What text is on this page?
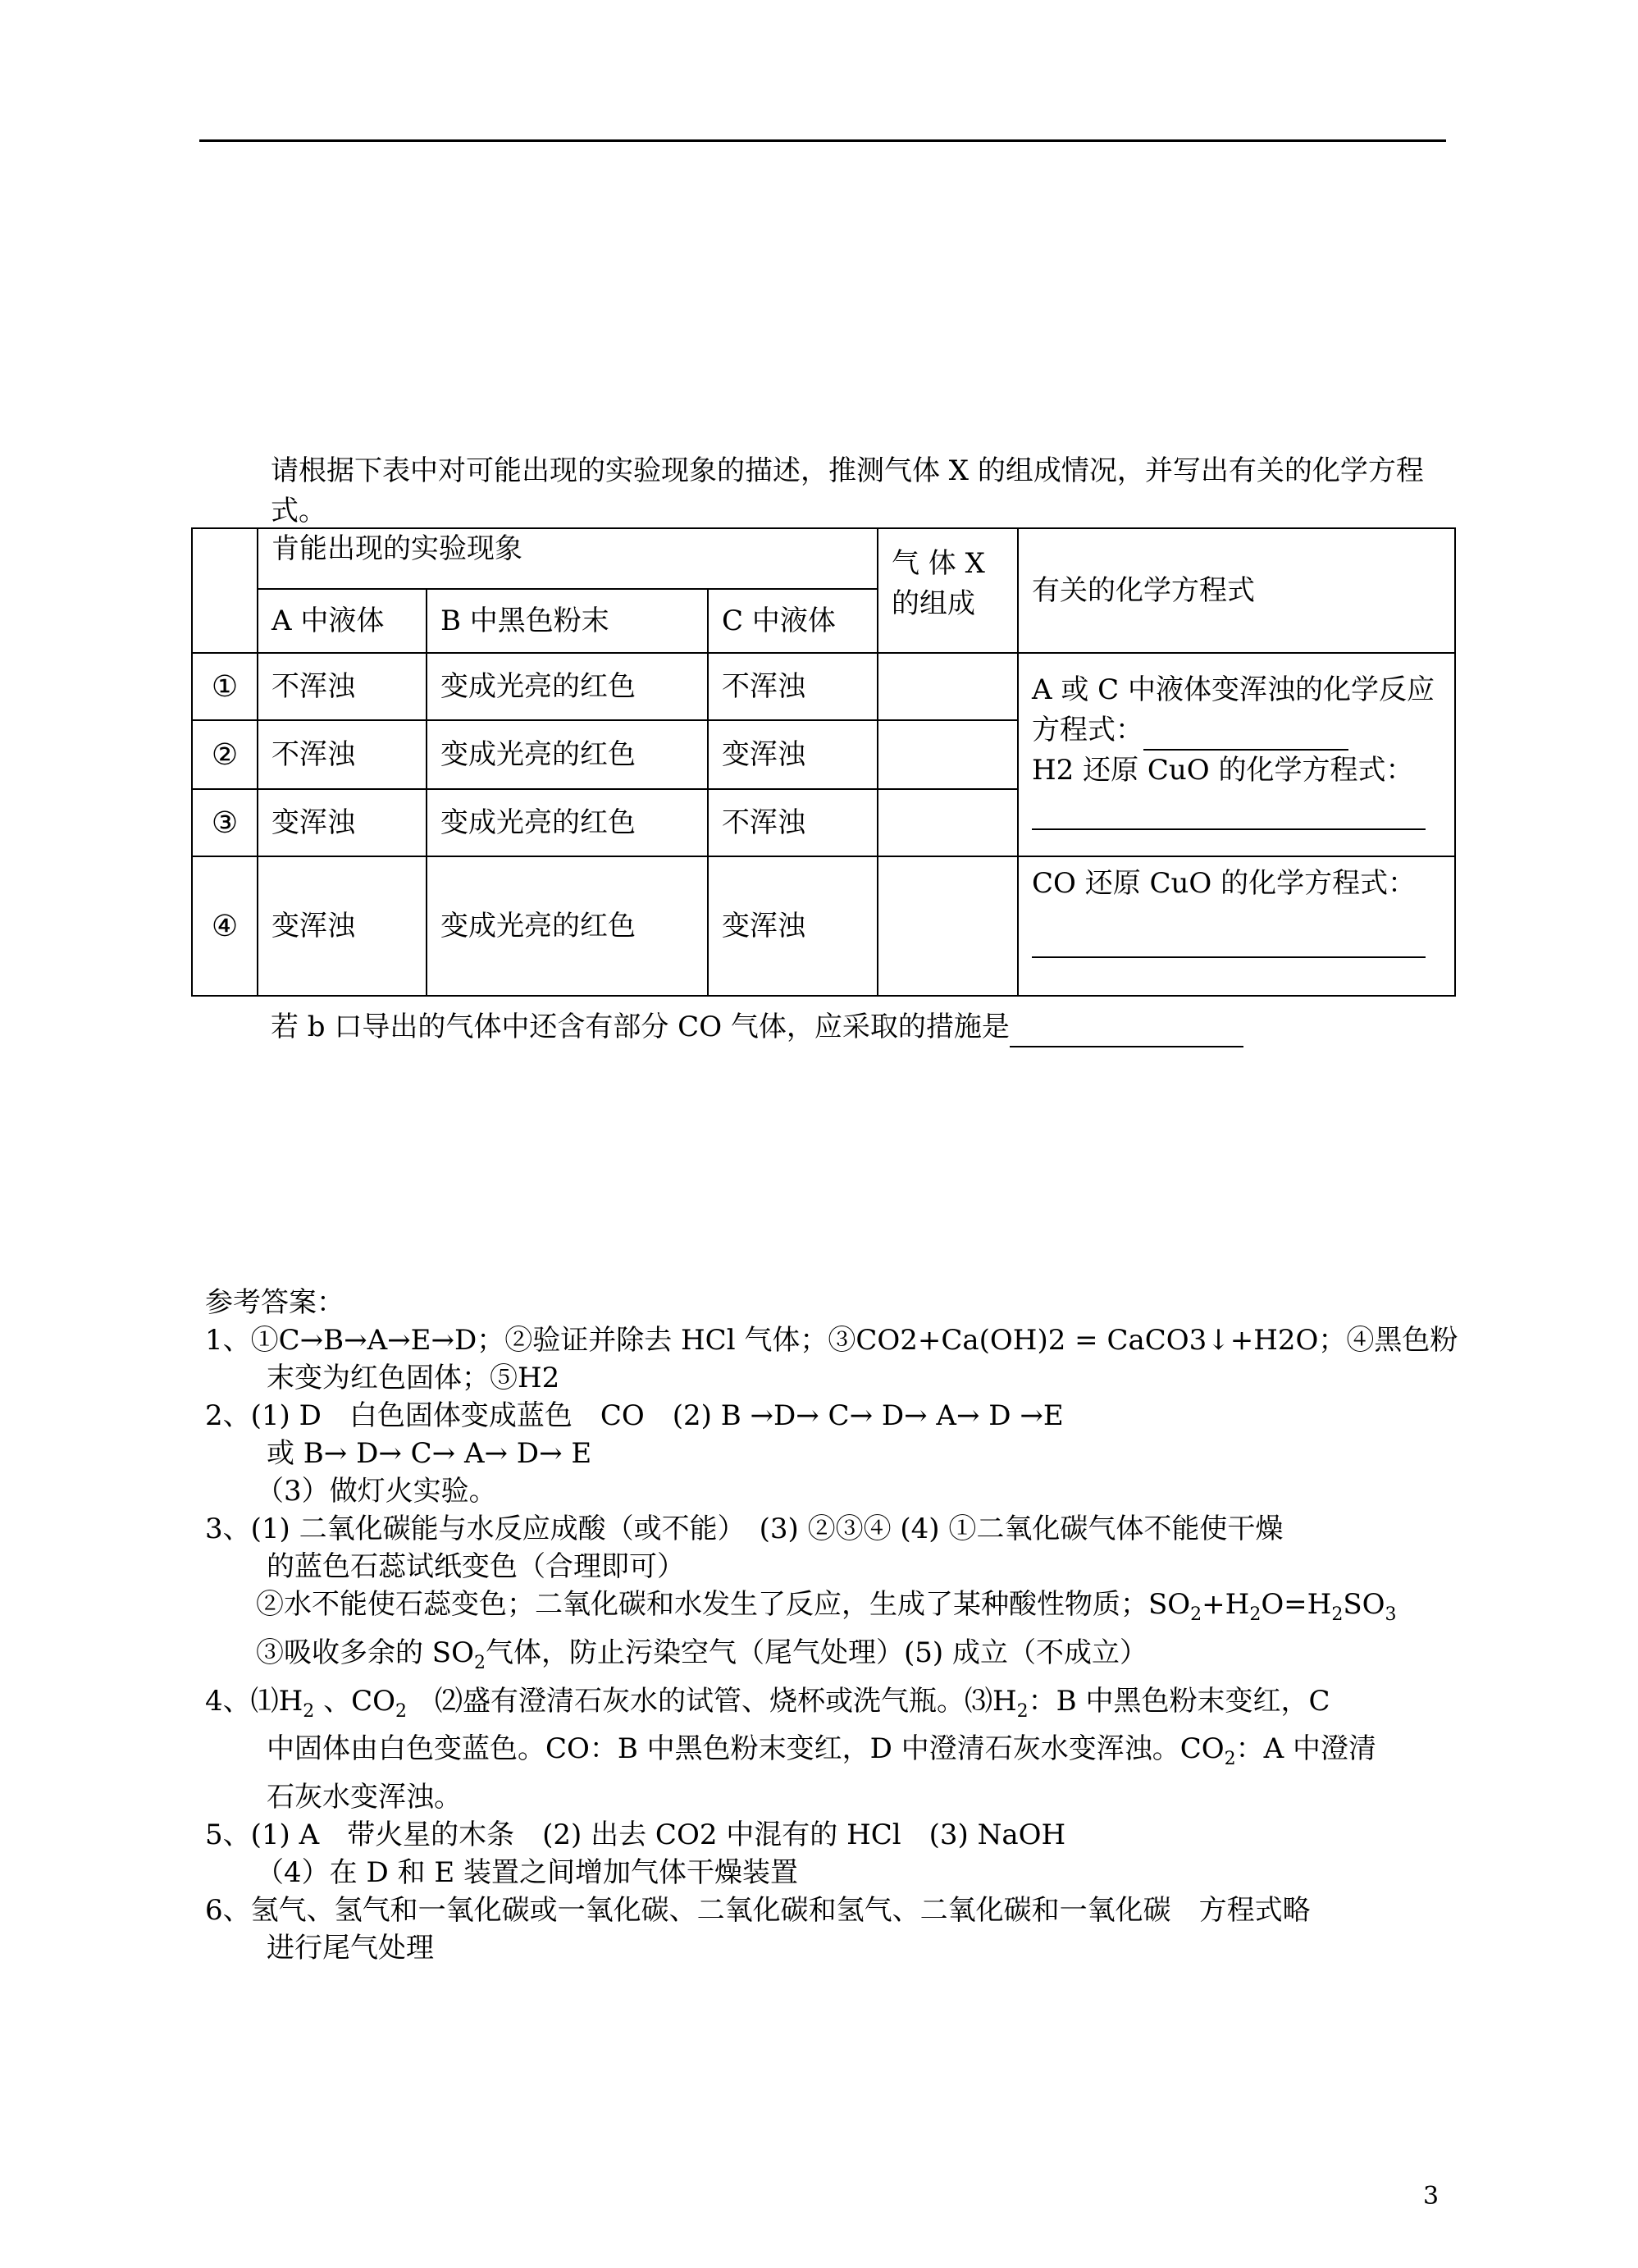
请根据下表中对可能出现的实验现象的描述，推测气体 X 的组成情况，并写出有关的化学方程式。
	肯能出现的实验现象			气 体 X 的组成	有关的化学方程式
	A 中液体	B 中黑色粉末	C 中液体		
①	不浑浊	变成光亮的红色	不浑浊		A 或 C 中液体变浑浊的化学反应方程式：
H2 还原 CuO 的化学方程式：

②	不浑浊	变成光亮的红色	变浑浊		
③	变浑浊	变成光亮的红色	不浑浊		
④	变浑浊	变成光亮的红色	变浑浊		CO 还原 CuO 的化学方程式：
若 b 口导出的气体中还含有部分 CO 气体，应采取的措施是
参考答案：
1、①C→B→A→E→D；②验证并除去 HCl 气体；③CO2+Ca(OH)2 = CaCO3↓+H2O；④黑色粉
末变为红色固体；⑤H2
2、(1) D　白色固体变成蓝色　CO　(2) B →D→ C→ D→ A→ D →E
或 B→ D→ C→ A→ D→ E
（3）做灯火实验。
3、(1) 二氧化碳能与水反应成酸（或不能）　(3) ②③④ (4) ①二氧化碳气体不能使干燥
的蓝色石蕊试纸变色（合理即可）
②水不能使石蕊变色；二氧化碳和水发生了反应，生成了某种酸性物质；$SO_2+H_2O=H_2SO_3$
③吸收多余的 $SO_2$气体，防止污染空气（尾气处理）(5) 成立（不成立）
4、$⑴H_2$ 、$CO_2$　⑵盛有澄清石灰水的试管、烧杯或洗气瓶。$⑶H_2$：B 中黑色粉末变红，C
中固体由白色变蓝色。CO：B 中黑色粉末变红，D 中澄清石灰水变浑浊。$CO_2$：A 中澄清
石灰水变浑浊。
5、(1) A　带火星的木条　(2) 出去 CO2 中混有的 HCl　(3) NaOH
（4）在 D 和 E 装置之间增加气体干燥装置
6、氢气、氢气和一氧化碳或一氧化碳、二氧化碳和氢气、二氧化碳和一氧化碳　方程式略
进行尾气处理
3
